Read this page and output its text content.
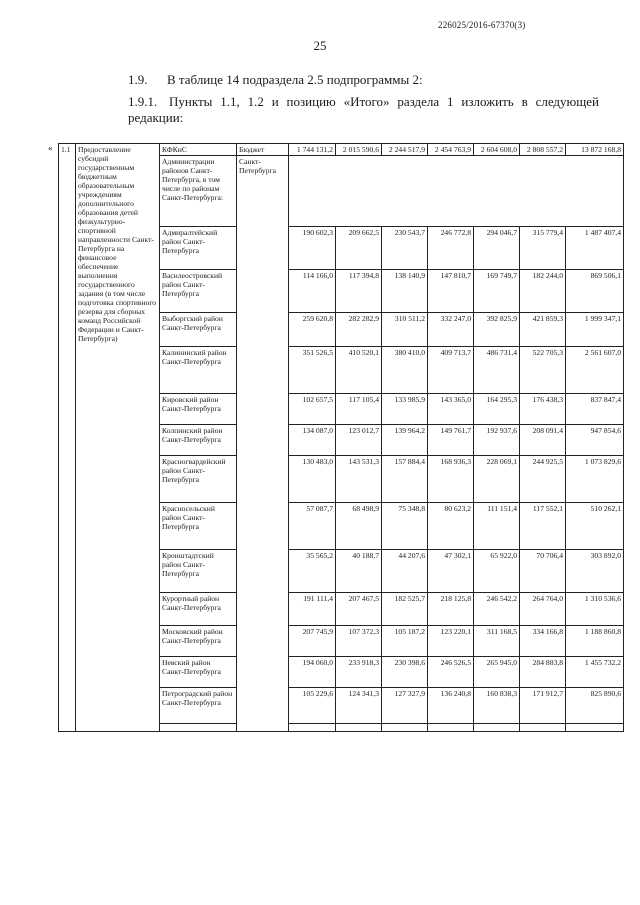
226025/2016-67370(3)
25
1.9. В таблице 14 подраздела 2.5 подпрограммы 2:
1.9.1. Пункты 1.1, 1.2 и позицию «Итого» раздела 1 изложить в следующей
редакции:
« 1.1	Предоставление субсидий государственным бюджетным образовательным учреждениям дополнительного образования детей физкультурно-спортивной направленности Санкт-Петербурга на финансовое обеспечение выполнения государственного задания (в том числе подготовка спортивного резерва для сборных команд Российской Федерации и Санкт-Петербурга)	КФКиС	Бюджет	1 744 131,2	2 015 590,6	2 244 517,9	2 454 763,9	2 604 608,0	2 808 557,2	13 872 168,8
		Администрации районов Санкт-Петербурга, в том числе по районам Санкт-Петербурга:	Санкт-Петербурга							
		Адмиралтейский район Санкт-Петербурга		190 602,3	209 662,5	230 543,7	246 772,8	294 046,7	315 779,4	1 487 407,4
		Василеостровский район Санкт-Петербурга		114 166,0	117 394,8	138 140,9	147 810,7	169 749,7	182 244,0	869 506,1
		Выборгский район Санкт-Петербурга		259 620,8	282 282,9	310 511,2	332 247,0	392 825,9	421 859,3	1 999 347,1
		Калининский район Санкт-Петербурга		351 526,5	410 520,1	380 410,0	409 713,7	486 731,4	522 705,3	2 561 607,0
		Кировский район Санкт-Петербурга		102 657,5	117 105,4	133 985,9	143 365,0	164 295,3	176 438,3	837 847,4
		Колпинский район Санкт-Петербурга		134 087,0	123 012,7	139 964,2	149 761,7	192 937,6	208 091,4	947 854,6
		Красногвардейский район Санкт-Петербурга		130 483,0	143 531,3	157 884,4	168 936,3	228 069,1	244 925,5	1 073 829,6
		Красносельский район Санкт-Петербурга		57 087,7	68 498,9	75 348,8	80 623,2	111 151,4	117 552,1	510 262,1
		Кронштадтский район Санкт-Петербурга		35 565,2	40 188,7	44 207,6	47 302,1	65 922,0	70 706,4	303 892,0
		Курортный район Санкт-Петербурга		191 111,4	207 467,5	182 525,7	218 125,8	246 542,2	264 764,0	1 310 536,6
		Московский район Санкт-Петербурга		207 745,9	107 372,3	105 187,2	123 220,1	311 168,5	334 166,8	1 188 860,8
		Невский район Санкт-Петербурга		194 060,0	233 918,3	230 398,6	246 526,5	265 945,0	284 883,8	1 455 732,2
		Петроградский район Санкт-Петербурга		105 229,6	124 341,3	127 327,9	136 240,8	160 838,3	171 912,7	825 890,6
